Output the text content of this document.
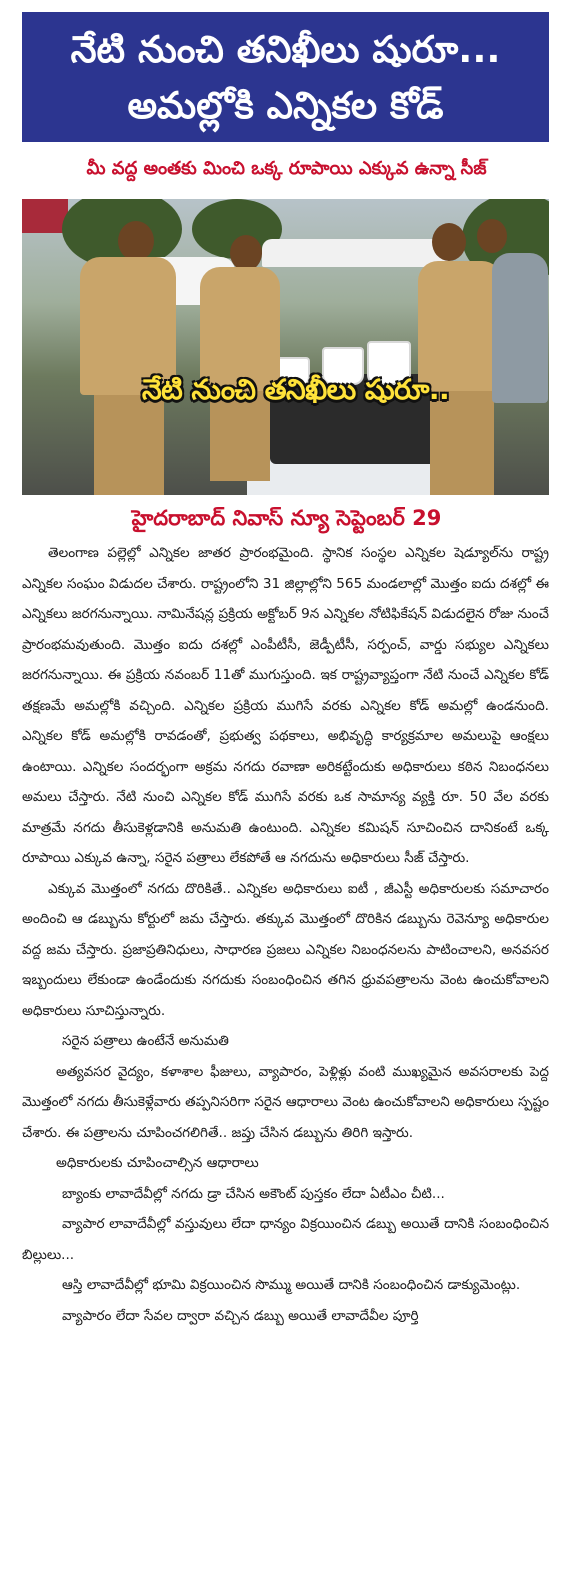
నేటి నుంచి తనిఖీలు షురూ...
అమల్లోకి ఎన్నికల కోడ్
మీ వద్ద అంతకు మించి ఒక్క రూపాయి ఎక్కువ ఉన్నా సీజ్
నేటి నుంచి తనిఖీలు షురూ..
హైదరాబాద్ నివాస్ న్యూ సెప్టెంబర్ 29

తెలంగాణ పల్లెల్లో ఎన్నికల జాతర ప్రారంభమైంది. స్థానిక సంస్థల ఎన్నికల షెడ్యూల్‌ను రాష్ట్ర ఎన్నికల సంఘం విడుదల చేశారు. రాష్ట్రంలోని 31 జిల్లాల్లోని 565 మండలాల్లో మొత్తం ఐదు దశల్లో ఈ ఎన్నికలు జరగనున్నాయి. నామినేషన్ల ప్రక్రియ అక్టోబర్ 9న ఎన్నికల నోటిఫికేషన్ విడుదలైన రోజు నుంచే ప్రారంభమవుతుంది. మొత్తం ఐదు దశల్లో ఎంపీటీసీ, జెడ్పీటీసీ, సర్పంచ్, వార్డు సభ్యుల ఎన్నికలు జరగనున్నాయి. ఈ ప్రక్రియ నవంబర్ 11తో ముగుస్తుంది. ఇక రాష్ట్రవ్యాప్తంగా నేటి నుంచే ఎన్నికల కోడ్ తక్షణమే అమల్లోకి వచ్చింది. ఎన్నికల ప్రక్రియ ముగిసే వరకు ఎన్నికల కోడ్ అమల్లో ఉండనుంది. ఎన్నికల కోడ్ అమల్లోకి రావడంతో, ప్రభుత్వ పథకాలు, అభివృద్ధి కార్యక్రమాల అమలుపై ఆంక్షలు ఉంటాయి. ఎన్నికల సందర్భంగా అక్రమ నగదు రవాణా అరికట్టేందుకు అధికారులు కఠిన నిబంధనలు అమలు చేస్తారు. నేటి నుంచి ఎన్నికల కోడ్ ముగిసే వరకు ఒక సామాన్య వ్యక్తి రూ. 50 వేల వరకు మాత్రమే నగదు తీసుకెళ్లడానికి అనుమతి ఉంటుంది. ఎన్నికల కమిషన్ సూచించిన దానికంటే ఒక్క రూపాయి ఎక్కువ ఉన్నా, సరైన పత్రాలు లేకపోతే ఆ నగదును అధికారులు సీజ్ చేస్తారు.

ఎక్కువ మొత్తంలో నగదు దొరికితే.. ఎన్నికల అధికారులు ఐటీ , జీఎస్టీ అధికారులకు సమాచారం అందించి ఆ డబ్బును కోర్టులో జమ చేస్తారు. తక్కువ మొత్తంలో దొరికిన డబ్బును రెవెన్యూ అధికారుల వద్ద జమ చేస్తారు. ప్రజాప్రతినిధులు, సాధారణ ప్రజలు ఎన్నికల నిబంధనలను పాటించాలని, అనవసర ఇబ్బందులు లేకుండా ఉండేందుకు నగదుకు సంబంధించిన తగిన ధ్రువపత్రాలను వెంట ఉంచుకోవాలని అధికారులు సూచిస్తున్నారు.

సరైన పత్రాలు ఉంటేనే అనుమతి

అత్యవసర వైద్యం, కళాశాల ఫీజులు, వ్యాపారం, పెళ్లిళ్లు వంటి ముఖ్యమైన అవసరాలకు పెద్ద మొత్తంలో నగదు తీసుకెళ్లేవారు తప్పనిసరిగా సరైన ఆధారాలు వెంట ఉంచుకోవాలని అధికారులు స్పష్టం చేశారు. ఈ పత్రాలను చూపించగలిగితే.. జప్తు చేసిన డబ్బును తిరిగి ఇస్తారు.

అధికారులకు చూపించాల్సిన ఆధారాలు

బ్యాంకు లావాదేవీల్లో నగదు డ్రా చేసిన అకౌంట్ పుస్తకం లేదా ఏటీఎం చీటి...

వ్యాపార లావాదేవీల్లో వస్తువులు లేదా ధాన్యం విక్రయించిన డబ్బు అయితే దానికి సంబంధించిన బిల్లులు...

ఆస్తి లావాదేవీల్లో భూమి విక్రయించిన సొమ్ము అయితే దానికి సంబంధించిన డాక్యుమెంట్లు.

వ్యాపారం లేదా సేవల ద్వారా వచ్చిన డబ్బు అయితే లావాదేవీల పూర్తి
